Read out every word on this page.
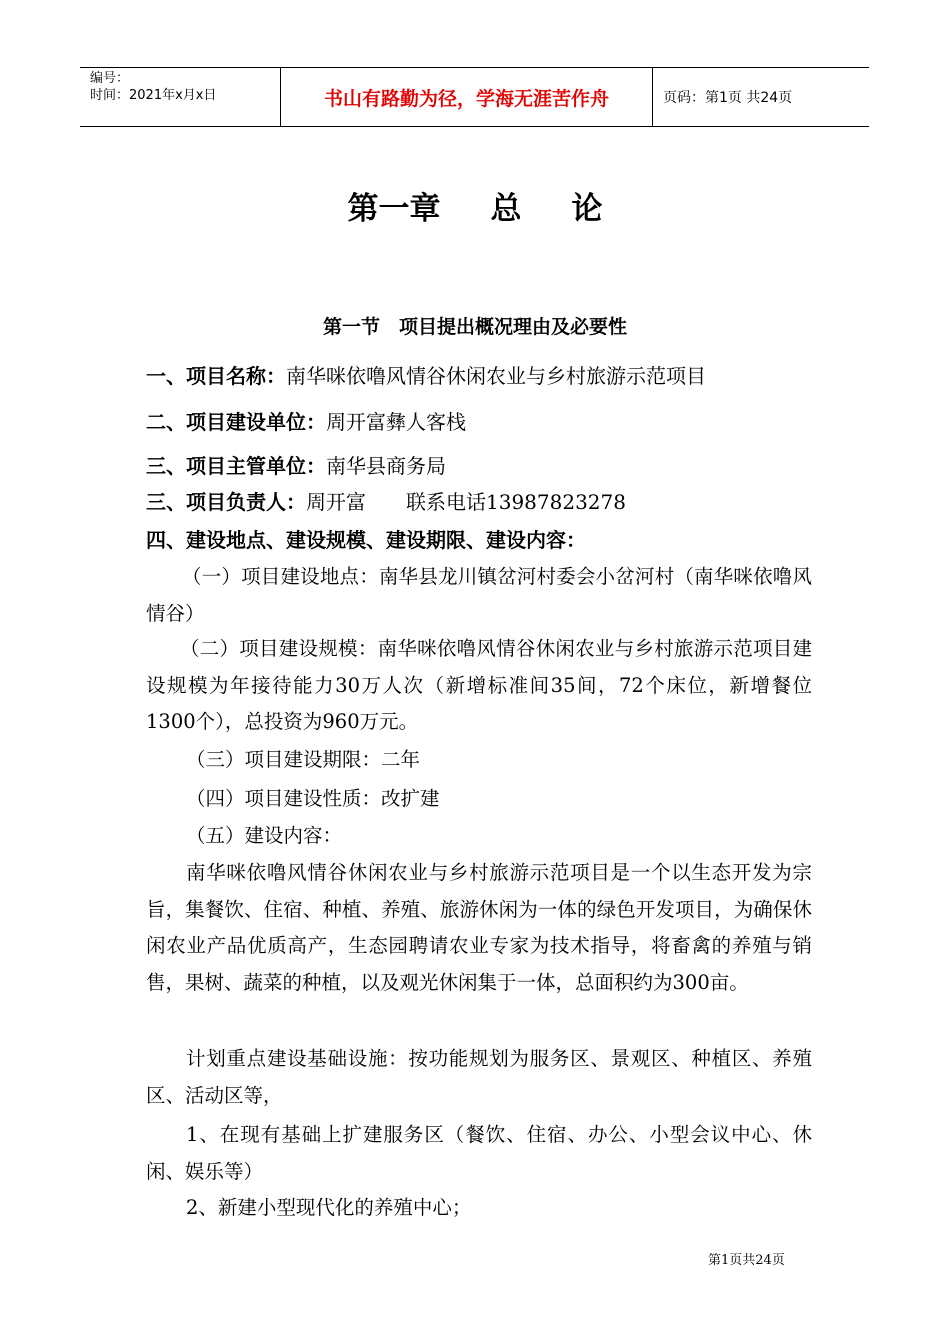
编号：
时间：2021年x月x日	书山有路勤为径，学海无涯苦作舟	页码：第1页 共24页
第一章 总 论
第一节　项目提出概况理由及必要性
一、项目名称：南华咪依噜风情谷休闲农业与乡村旅游示范项目
二、项目建设单位：周开富彝人客栈
三、项目主管单位：南华县商务局
三、项目负责人：周开富　　联系电话13987823278
四、建设地点、建设规模、建设期限、建设内容：
（一）项目建设地点：南华县龙川镇岔河村委会小岔河村（南华咪依噜风情谷）
（二）项目建设规模：南华咪依噜风情谷休闲农业与乡村旅游示范项目建设规模为年接待能力30万人次（新增标准间35间，72个床位，新增餐位1300个），总投资为960万元。
（三）项目建设期限：二年
（四）项目建设性质：改扩建
（五）建设内容：
南华咪依噜风情谷休闲农业与乡村旅游示范项目是一个以生态开发为宗旨，集餐饮、住宿、种植、养殖、旅游休闲为一体的绿色开发项目，为确保休闲农业产品优质高产，生态园聘请农业专家为技术指导，将畜禽的养殖与销售，果树、蔬菜的种植，以及观光休闲集于一体，总面积约为300亩。
计划重点建设基础设施：按功能规划为服务区、景观区、种植区、养殖区、活动区等，
1、在现有基础上扩建服务区（餐饮、住宿、办公、小型会议中心、休闲、娱乐等）
2、新建小型现代化的养殖中心；
第1页共24页
